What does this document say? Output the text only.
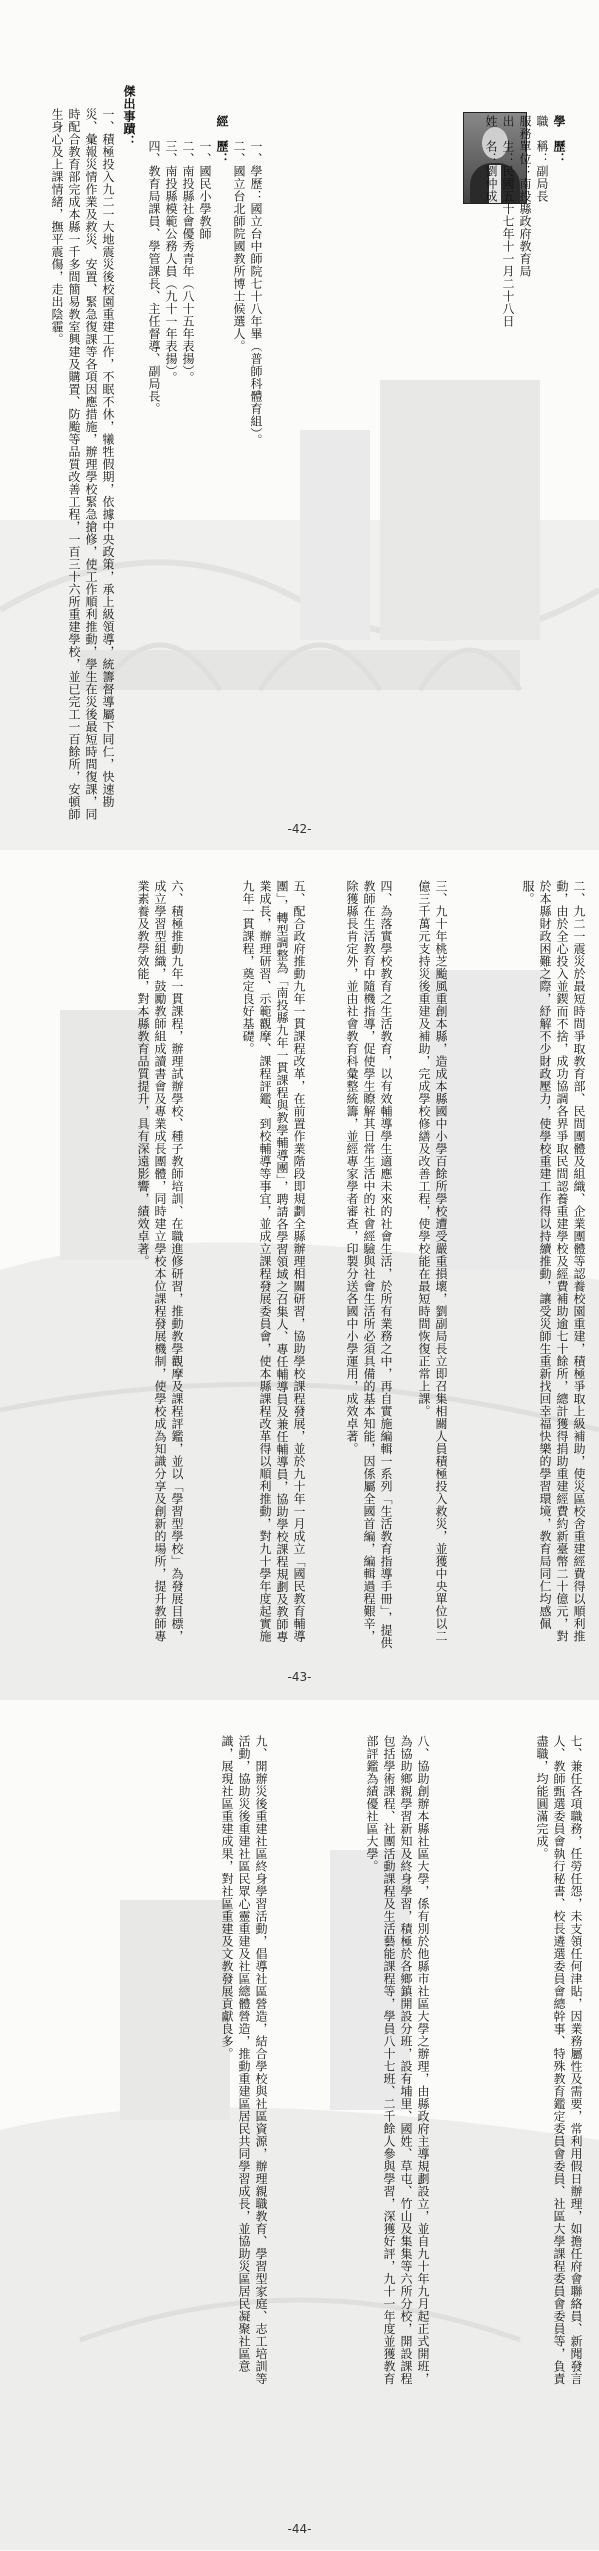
姓　名：劉仲成 出　生：民國五十七年十一月二十八日 服務單位：南投縣政府教育局 職　稱：副局長 學　歷：
一、學歷：國立台中師院七十八年畢（普師科體育組）。
二、國立台北師院國教所博士候選人。
經　歷：
一、國民小學教師
二、南投縣社會優秀青年（八十五年表揚）。
三、南投縣模範公務人員（九十一年表揚）。
四、教育局課員、學管課長、主任督導、副局長。
傑出事蹟：
一、積極投入九二一大地震災後校園重建工作，不眠不休，犧牲假期，依據中央政策，承上級領導，統籌督導屬下同仁，快速勘災、彙報災情作業及救災、安置、緊急復課等各項因應措施，辦理學校緊急搶修，使工作順利推動，學生在災後最短時間復課，同時配合教育部完成本縣一千多間簡易教室興建及購置、防颱等品質改善工程，一百三十六所重建學校，並已完工一百餘所，安頓師生身心及上課情緒，撫平震傷，走出陰霾。
-42-
二、九二一震災於最短時間爭取教育部、民間團體及組織、企業團體等認養校園重建，積極爭取上級補助，使災區校舍重建經費得以順利推動，由於全心投入並鍥而不捨，成功協調各界爭取民間認養重建學校及經費補助逾七十餘所，總計獲得捐助重建經費約新臺幣二十億元，對於本縣財政困難之際，紓解不少財政壓力，使學校重建工作得以持續推動，讓受災師生重新找回幸福快樂的學習環境，教育局同仁均感佩服。
三、九十年桃芝颱風重創本縣，造成本縣國中小學百餘所學校遭受嚴重損壞，劉副局長立即召集相關人員積極投入救災，並獲中央單位以二億三千萬元支持災後重建及補助，完成學校修繕及改善工程，使學校能在最短時間恢復正常上課。
四、為落實學校教育之生活教育，以有效輔導學生適應未來的社會生活，於所有業務之中，再自實施編輯一系列「生活教育指導手冊」，提供教師在生活教育中隨機指導，促使學生瞭解其日常生活中的社會經驗與社會生活所必須具備的基本知能，因係屬全國首編，編輯過程艱辛，除獲縣長肯定外，並由社會教育科彙整統籌，並經專家學者審查，印製分送各國中小學運用，成效卓著。
五、配合政府推動九年一貫課程改革，在前置作業階段即規劃全縣辦理相關研習，協助學校課程發展，並於九十年一月成立「國民教育輔導團」，轉型調整為「南投縣九年一貫課程與教學輔導團」，聘請各學習領域之召集人、專任輔導員及兼任輔導員，協助學校課程規劃及教師專業成長，辦理研習、示範觀摩、課程評鑑、到校輔導等事宜，並成立課程發展委員會，使本縣課程改革得以順利推動，對九十學年度起實施九年一貫課程，奠定良好基礎。
六、積極推動九年一貫課程，辦理試辦學校、種子教師培訓、在職進修研習，推動教學觀摩及課程評鑑，並以「學習型學校」為發展目標，成立學習型組織，鼓勵教師組成讀書會及專業成長團體，同時建立學校本位課程發展機制，使學校成為知識分享及創新的場所，提升教師專業素養及教學效能，對本縣教育品質提升，具有深遠影響，績效卓著。
-43-
七、兼任各項職務，任勞任怨，未支領任何津貼，因業務屬性及需要，常利用假日辦理，如擔任府會聯絡員、新聞發言人、教師甄選委員會執行秘書、校長遴選委員會總幹事、特殊教育鑑定委員會委員、社區大學課程委員會委員等，負責盡職，均能圓滿完成。
八、協助創辦本縣社區大學，係有別於他縣市社區大學之辦理，由縣政府主導規劃設立，並自九十年九月起正式開班，為協助鄉親學習新知及終身學習，積極於各鄉鎮開設分班，設有埔里、國姓、草屯、竹山及集集等六所分校，開設課程包括學術課程、社團活動課程及生活藝能課程等，學員八十七班、二千餘人參與學習，深獲好評，九十一年度並獲教育部評鑑為績優社區大學。
九、開辦災後重建社區終身學習活動，倡導社區營造，結合學校與社區資源，辦理親職教育、學習型家庭、志工培訓等活動，協助災後重建社區民眾心靈重建及社區總體營造，推動重建區居民共同學習成長，並協助災區居民凝聚社區意識，展現社區重建成果，對社區重建及文教發展貢獻良多。
-44-
